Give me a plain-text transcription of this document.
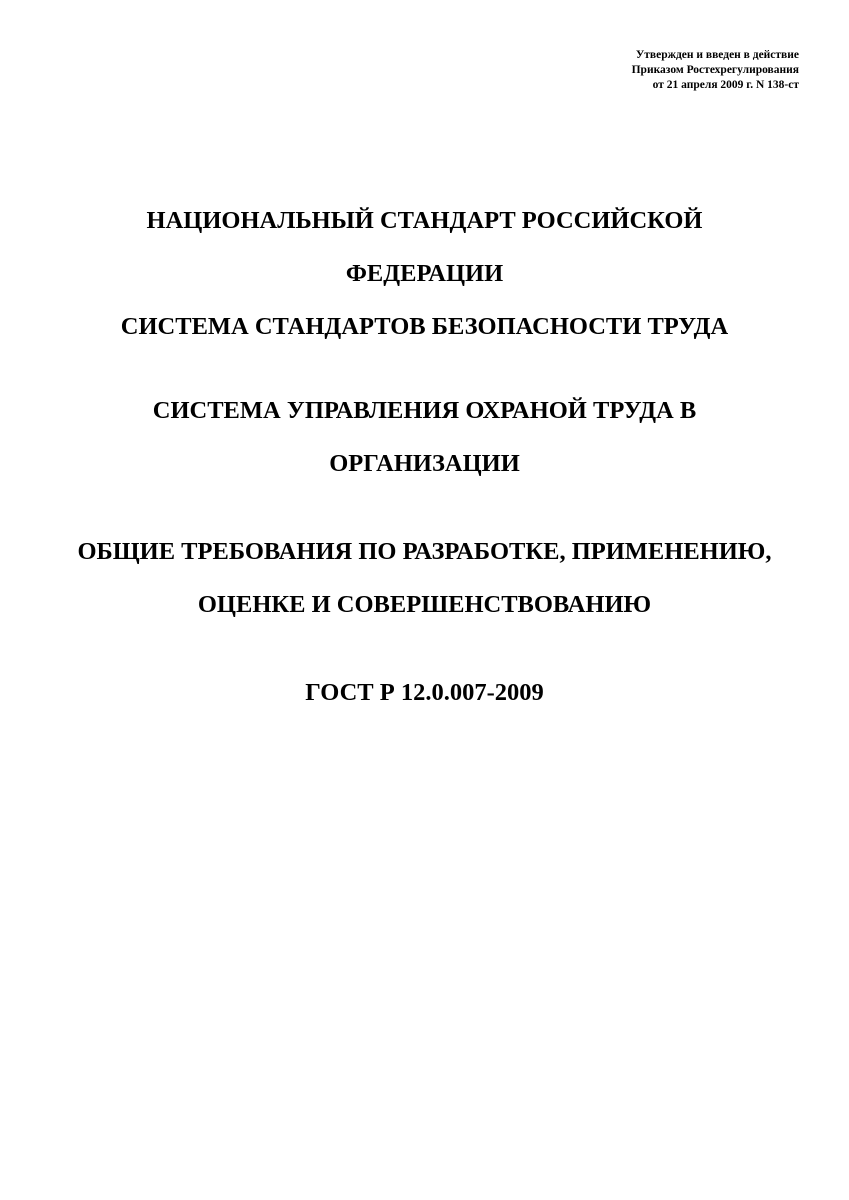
Утвержден и введен в действие
Приказом Ростехрегулирования
от 21 апреля 2009 г. N 138-ст
НАЦИОНАЛЬНЫЙ СТАНДАРТ РОССИЙСКОЙ
ФЕДЕРАЦИИ
СИСТЕМА СТАНДАРТОВ БЕЗОПАСНОСТИ ТРУДА
СИСТЕМА УПРАВЛЕНИЯ ОХРАНОЙ ТРУДА В
ОРГАНИЗАЦИИ
ОБЩИЕ ТРЕБОВАНИЯ ПО РАЗРАБОТКЕ, ПРИМЕНЕНИЮ,
ОЦЕНКЕ И СОВЕРШЕНСТВОВАНИЮ
ГОСТ Р 12.0.007-2009
